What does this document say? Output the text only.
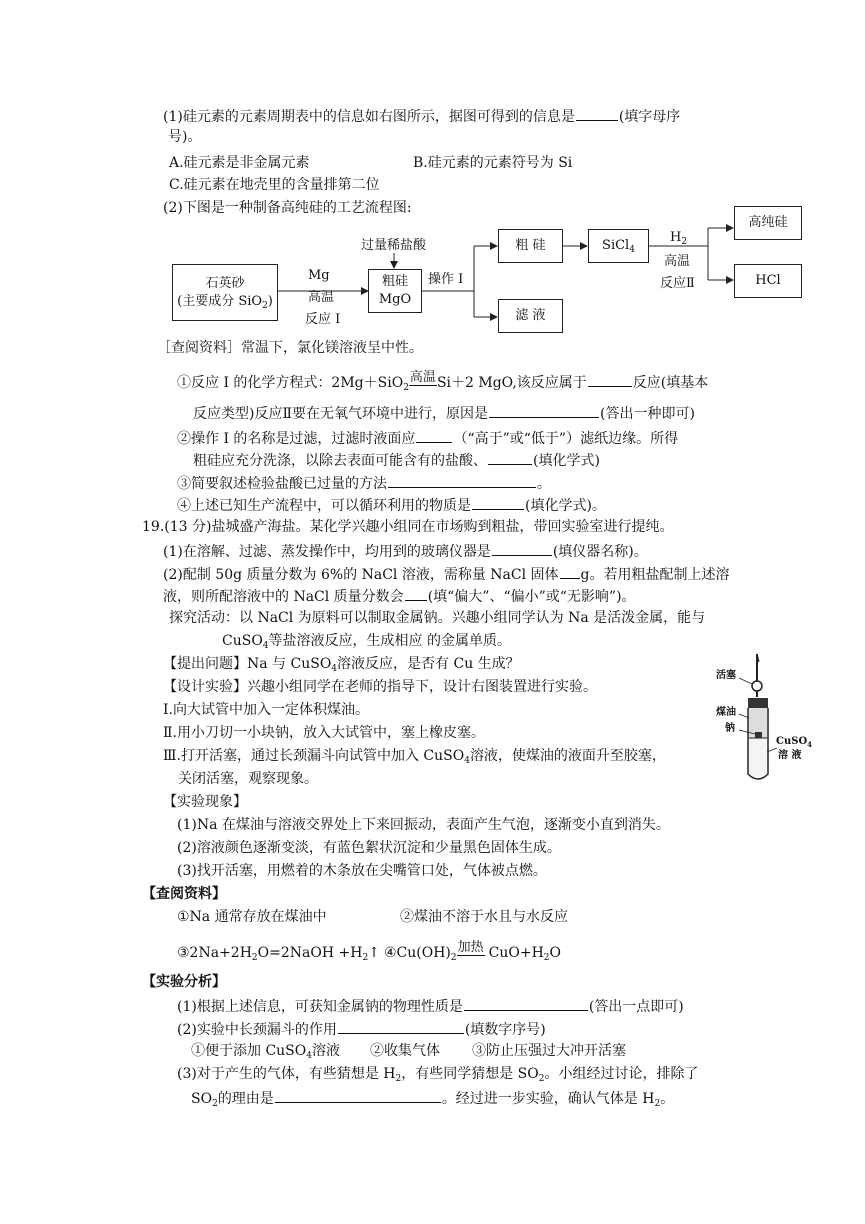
(1)硅元素的元素周期表中的信息如右图所示，据图可得到的信息是	(填字母序
号)。
A.硅元素是非金属元素	B.硅元素的元素符号为 Si
C.硅元素在地壳里的含量排第二位
(2)下图是一种制备高纯硅的工艺流程图:
石英砂
(主要成分 SiO$_2$)
Mg
高温
反应 I
过量稀盐酸
粗硅
MgO
操作 I
粗 硅
滤 液
SiCl$_4$
$H_2$
高温
反应Ⅱ
高纯硅
HCl
［查阅资料］常温下，氯化镁溶液呈中性。
①反应 I 的化学方程式：2Mg＋SiO$_2$高温Si＋2 MgO,该反应属于	反应(填基本
反应类型)反应Ⅱ要在无氧气环境中进行，原因是	(答出一种即可)
②操作 I 的名称是过滤，过滤时液面应	（“高于”或“低于”）滤纸边缘。所得
粗硅应充分洗涤，以除去表面可能含有的盐酸、	(填化学式)
③简要叙述检验盐酸已过量的方法	。
④上述已知生产流程中，可以循环利用的物质是	(填化学式)。
19.(13 分)盐城盛产海盐。某化学兴趣小组同在市场购到粗盐，带回实验室进行提纯。
(1)在溶解、过滤、蒸发操作中，均用到的玻璃仪器是	(填仪器名称)。
(2)配制 50g 质量分数为 6%的 NaCl 溶液，需称量 NaCl 固体 g。若用粗盐配制上述溶
液，则所配溶液中的 NaCl 质量分数会 (填“偏大”、“偏小”或“无影响”)。
探究活动：以 NaCl 为原料可以制取金属钠。兴趣小组同学认为 Na 是活泼金属，能与
CuSO$_4$等盐溶液反应，生成相应 的金属单质。
【提出问题】Na 与 CuSO$_4$溶液反应，是否有 Cu 生成？
【设计实验】兴趣小组同学在老师的指导下，设计右图装置进行实验。
Ⅰ.向大试管中加入一定体积煤油。
Ⅱ.用小刀切一小块钠，放入大试管中，塞上橡皮塞。
Ⅲ.打开活塞，通过长颈漏斗向试管中加入 CuSO$_4$溶液，使煤油的液面升至胶塞，
关闭活塞，观察现象。
活塞
煤油
钠
CuSO$_4$
溶 液
【实验现象】
(1)Na 在煤油与溶液交界处上下来回振动，表面产生气泡，逐渐变小直到消失。
(2)溶液颜色逐渐变淡，有蓝色絮状沉淀和少量黑色固体生成。
(3)找开活塞，用燃着的木条放在尖嘴管口处，气体被点燃。
【查阅资料】
①Na 通常存放在煤油中	②煤油不溶于水且与水反应
$③2Na+2H_2O=2NaOH$ $+H_2↑$ $④Cu(OH)_2$加热 $CuO+H_2O$
【实验分析】
(1)根据上述信息，可获知金属钠的物理性质是	(答出一点即可)
(2)实验中长颈漏斗的作用	(填数字序号)
①便于添加 CuSO$_4$溶液 ②收集气体 ③防止压强过大冲开活塞
(3)对于产生的气体，有些猜想是 $H_2$，有些同学猜想是 $SO_2$。小组经过讨论，排除了
$SO_2$的理由是	。经过进一步实验，确认气体是 $H_2$。
